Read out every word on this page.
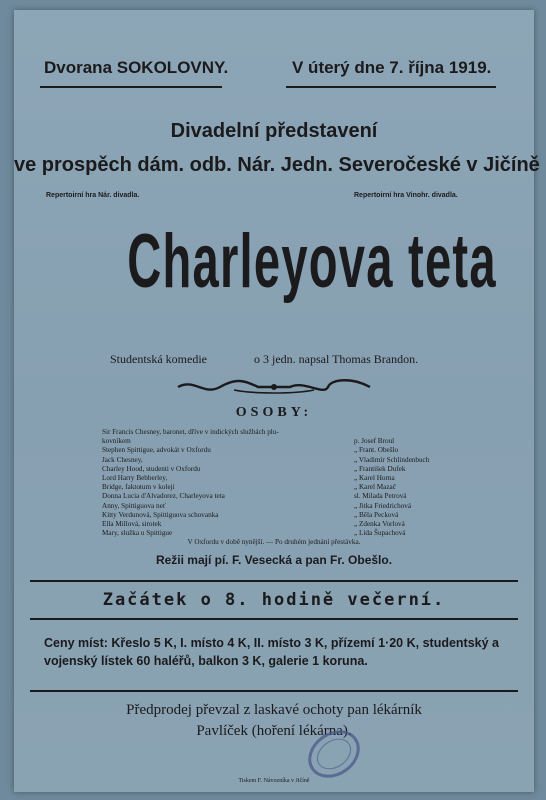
Dvorana SOKOLOVNY.	V úterý dne 7. října 1919.
Divadelní představení
ve prospěch dám. odb. Nár. Jedn. Severočeské v Jičíně
Repertoirní hra Nár. divadla.	Repertoirní hra Vinohr. divadla.
Charleyova teta
Studentská komedie	o 3 jedn. napsal Thomas Brandon.
OSOBY:
Sir Francis Chesney, baronet, dříve v indických službách plu-
kovníkem	p. Josef Broul
Stephen Spittigue, advokát v Oxfordu	„ Frant. Obešlo
Jack Chesney,	„ Vladimír Schlindenbuch
Charley Hood, studenti v Oxfordu	„ František Dufek
Lord Harry Bebberley,	„ Karel Horna
Bridge, faktotum v koleji	„ Karel Mazač
Donna Lucia d'Alvadorez, Charleyova teta	sl. Milada Petrová
Anny, Spittiguova neť	„ Jitka Friedrichová
Kitty Verdunová, Spittiguova schovanka	„ Běla Pecková
Ella Millová, sirotek	„ Zdenka Vorlová
Mary, služka u Spittigue	„ Lída Šupachová
V Oxfordu v době nynější. — Po druhém jednání přestávka.
Režii mají pí. F. Vesecká a pan Fr. Obešlo.
Začátek o 8. hodině večerní.
Ceny míst: Křeslo 5 K, I. místo 4 K, II. místo 3 K, přízemí 1·20 K, studentský a vojenský lístek 60 haléřů, balkon 3 K, galerie 1 koruna.
Předprodej převzal z laskavé ochoty pan lékárník
Pavlíček (hoření lékárna).
Tiskem F. Návozníka v Jičíně
